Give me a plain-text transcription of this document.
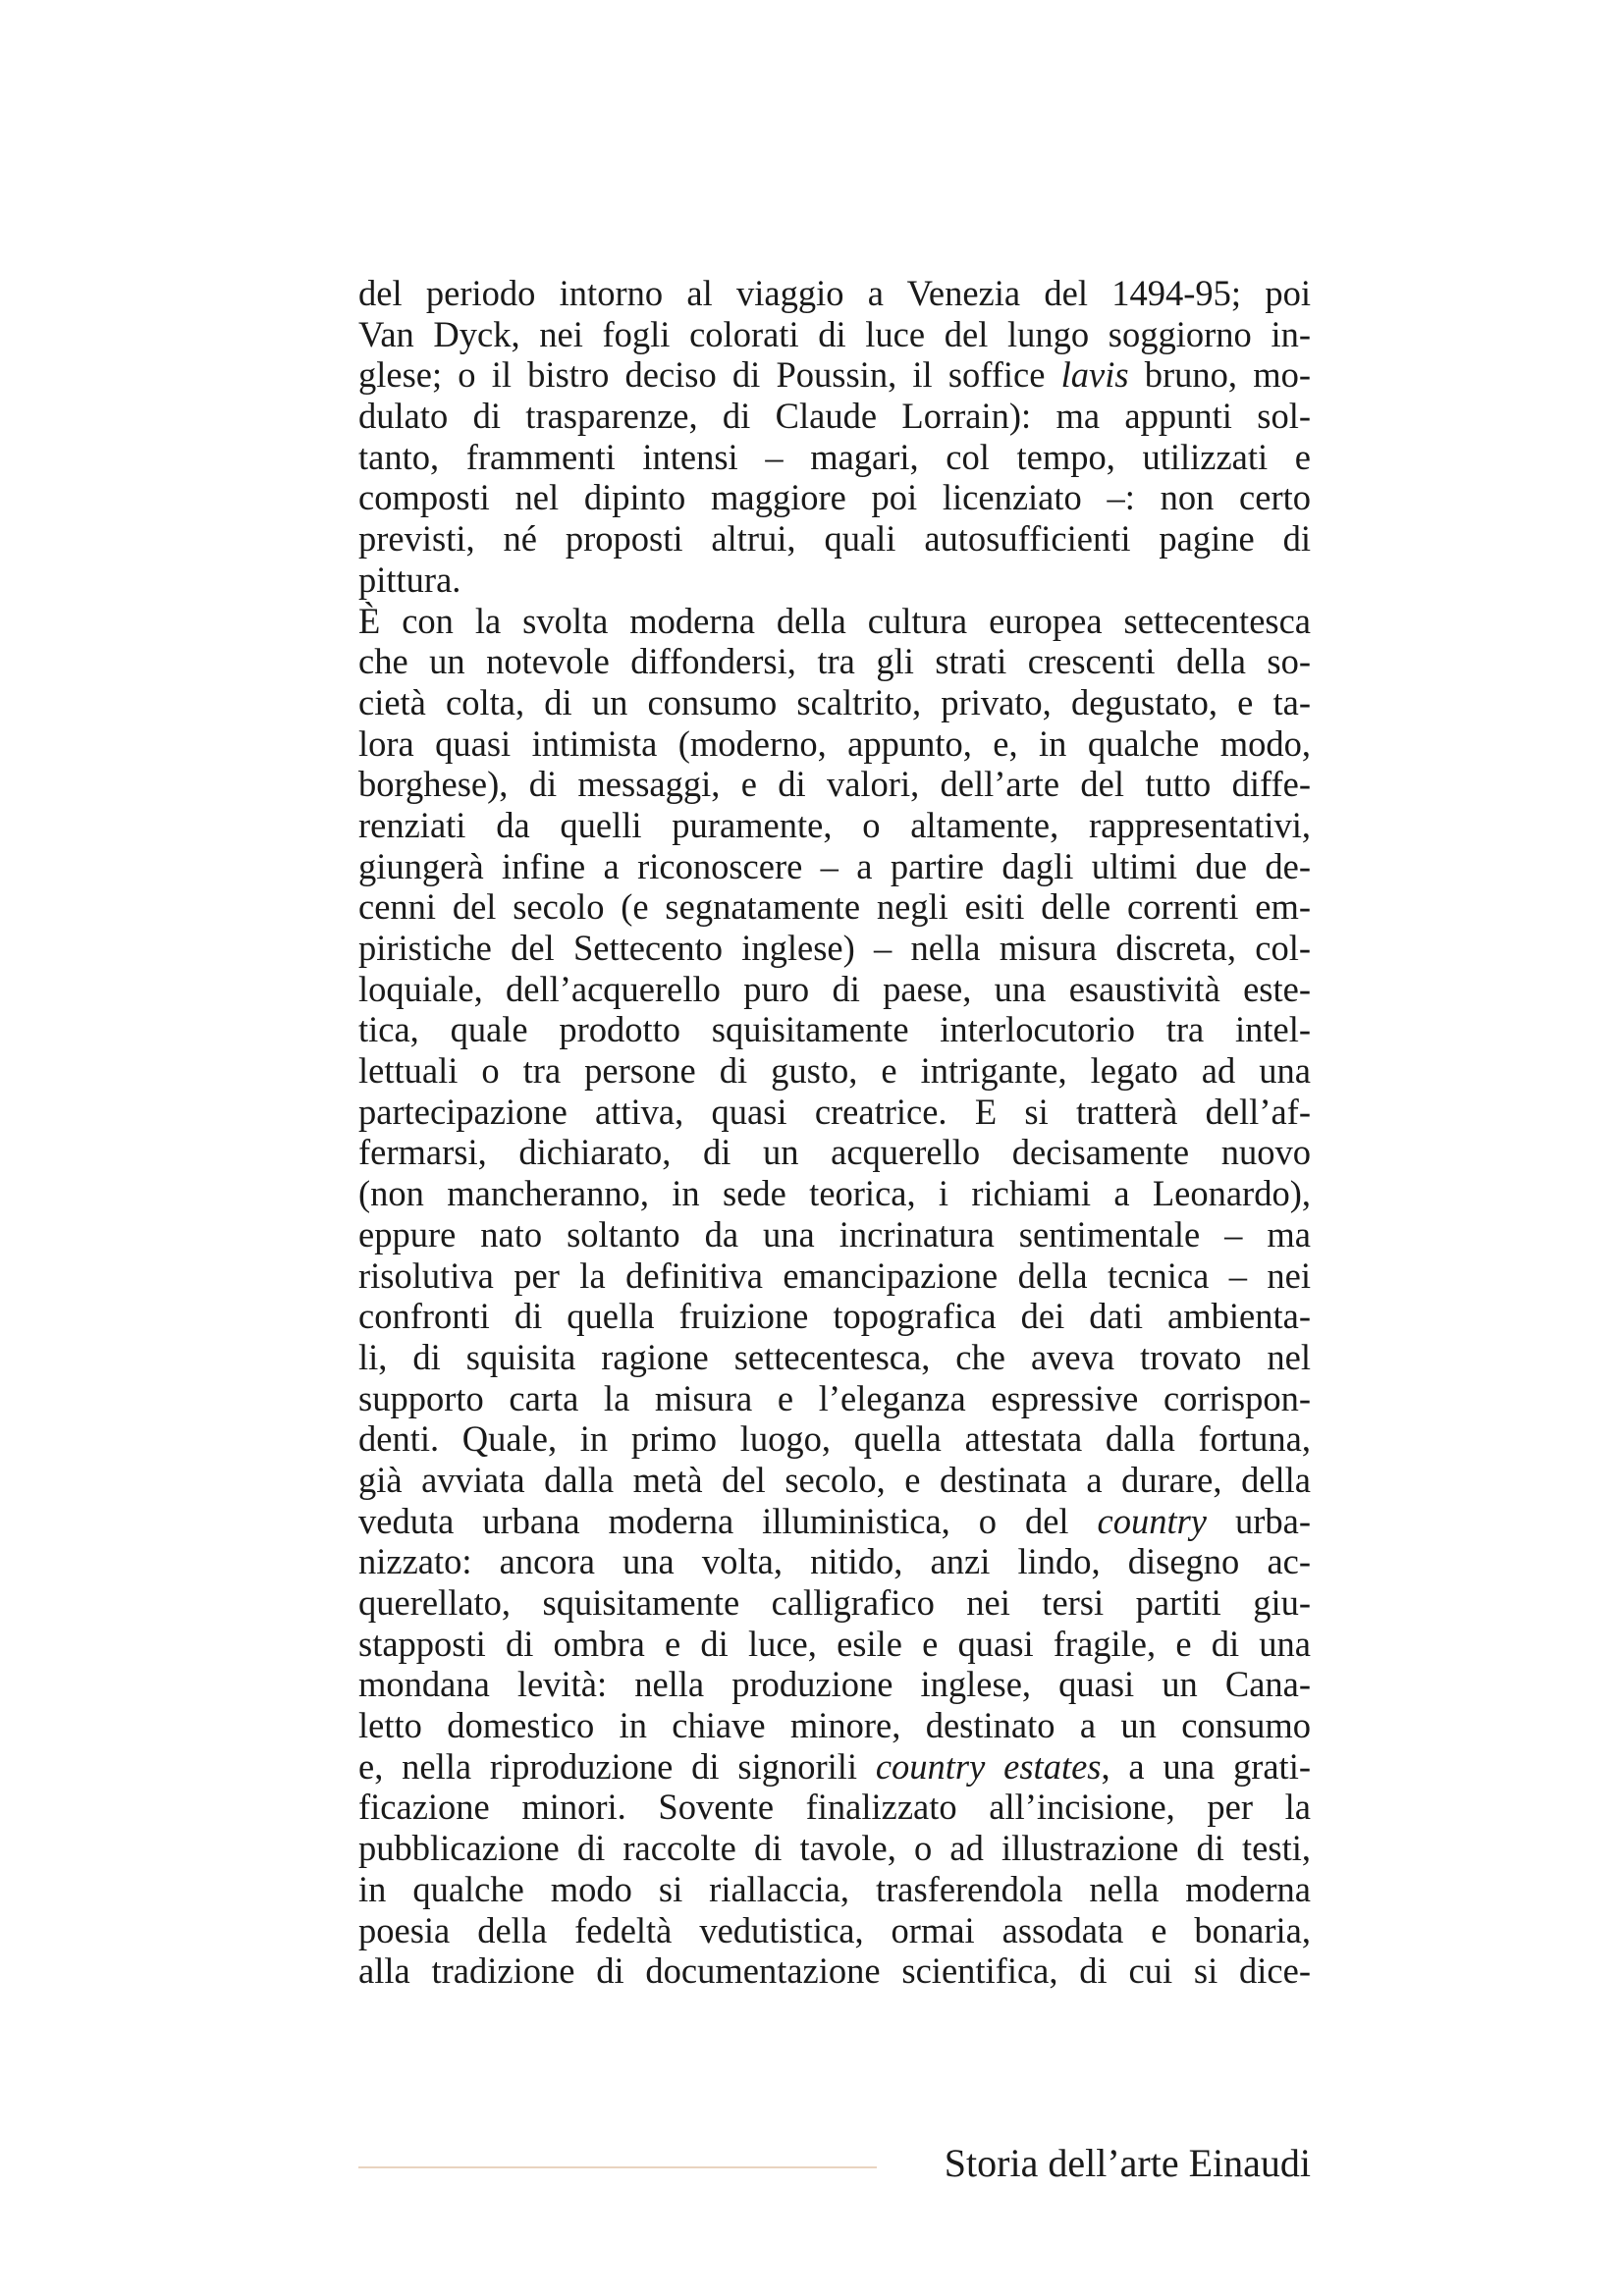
del periodo intorno al viaggio a Venezia del 1494-95; poi
Van Dyck, nei fogli colorati di luce del lungo soggiorno in-
glese; o il bistro deciso di Poussin, il soffice lavis bruno, mo-
dulato di trasparenze, di Claude Lorrain): ma appunti sol-
tanto, frammenti intensi – magari, col tempo, utilizzati e
composti nel dipinto maggiore poi licenziato –: non certo
previsti, né proposti altrui, quali autosufficienti pagine di
pittura.
È con la svolta moderna della cultura europea settecentesca
che un notevole diffondersi, tra gli strati crescenti della so-
cietà colta, di un consumo scaltrito, privato, degustato, e ta-
lora quasi intimista (moderno, appunto, e, in qualche modo,
borghese), di messaggi, e di valori, dell’arte del tutto diffe-
renziati da quelli puramente, o altamente, rappresentativi,
giungerà infine a riconoscere – a partire dagli ultimi due de-
cenni del secolo (e segnatamente negli esiti delle correnti em-
piristiche del Settecento inglese) – nella misura discreta, col-
loquiale, dell’acquerello puro di paese, una esaustività este-
tica, quale prodotto squisitamente interlocutorio tra intel-
lettuali o tra persone di gusto, e intrigante, legato ad una
partecipazione attiva, quasi creatrice. E si tratterà dell’af-
fermarsi, dichiarato, di un acquerello decisamente nuovo
(non mancheranno, in sede teorica, i richiami a Leonardo),
eppure nato soltanto da una incrinatura sentimentale – ma
risolutiva per la definitiva emancipazione della tecnica – nei
confronti di quella fruizione topografica dei dati ambienta-
li, di squisita ragione settecentesca, che aveva trovato nel
supporto carta la misura e l’eleganza espressive corrispon-
denti. Quale, in primo luogo, quella attestata dalla fortuna,
già avviata dalla metà del secolo, e destinata a durare, della
veduta urbana moderna illuministica, o del country urba-
nizzato: ancora una volta, nitido, anzi lindo, disegno ac-
querellato, squisitamente calligrafico nei tersi partiti giu-
stapposti di ombra e di luce, esile e quasi fragile, e di una
mondana levità: nella produzione inglese, quasi un Cana-
letto domestico in chiave minore, destinato a un consumo
e, nella riproduzione di signorili country estates, a una grati-
ficazione minori. Sovente finalizzato all’incisione, per la
pubblicazione di raccolte di tavole, o ad illustrazione di testi,
in qualche modo si riallaccia, trasferendola nella moderna
poesia della fedeltà vedutistica, ormai assodata e bonaria,
alla tradizione di documentazione scientifica, di cui si dice-
Storia dell’arte Einaudi
